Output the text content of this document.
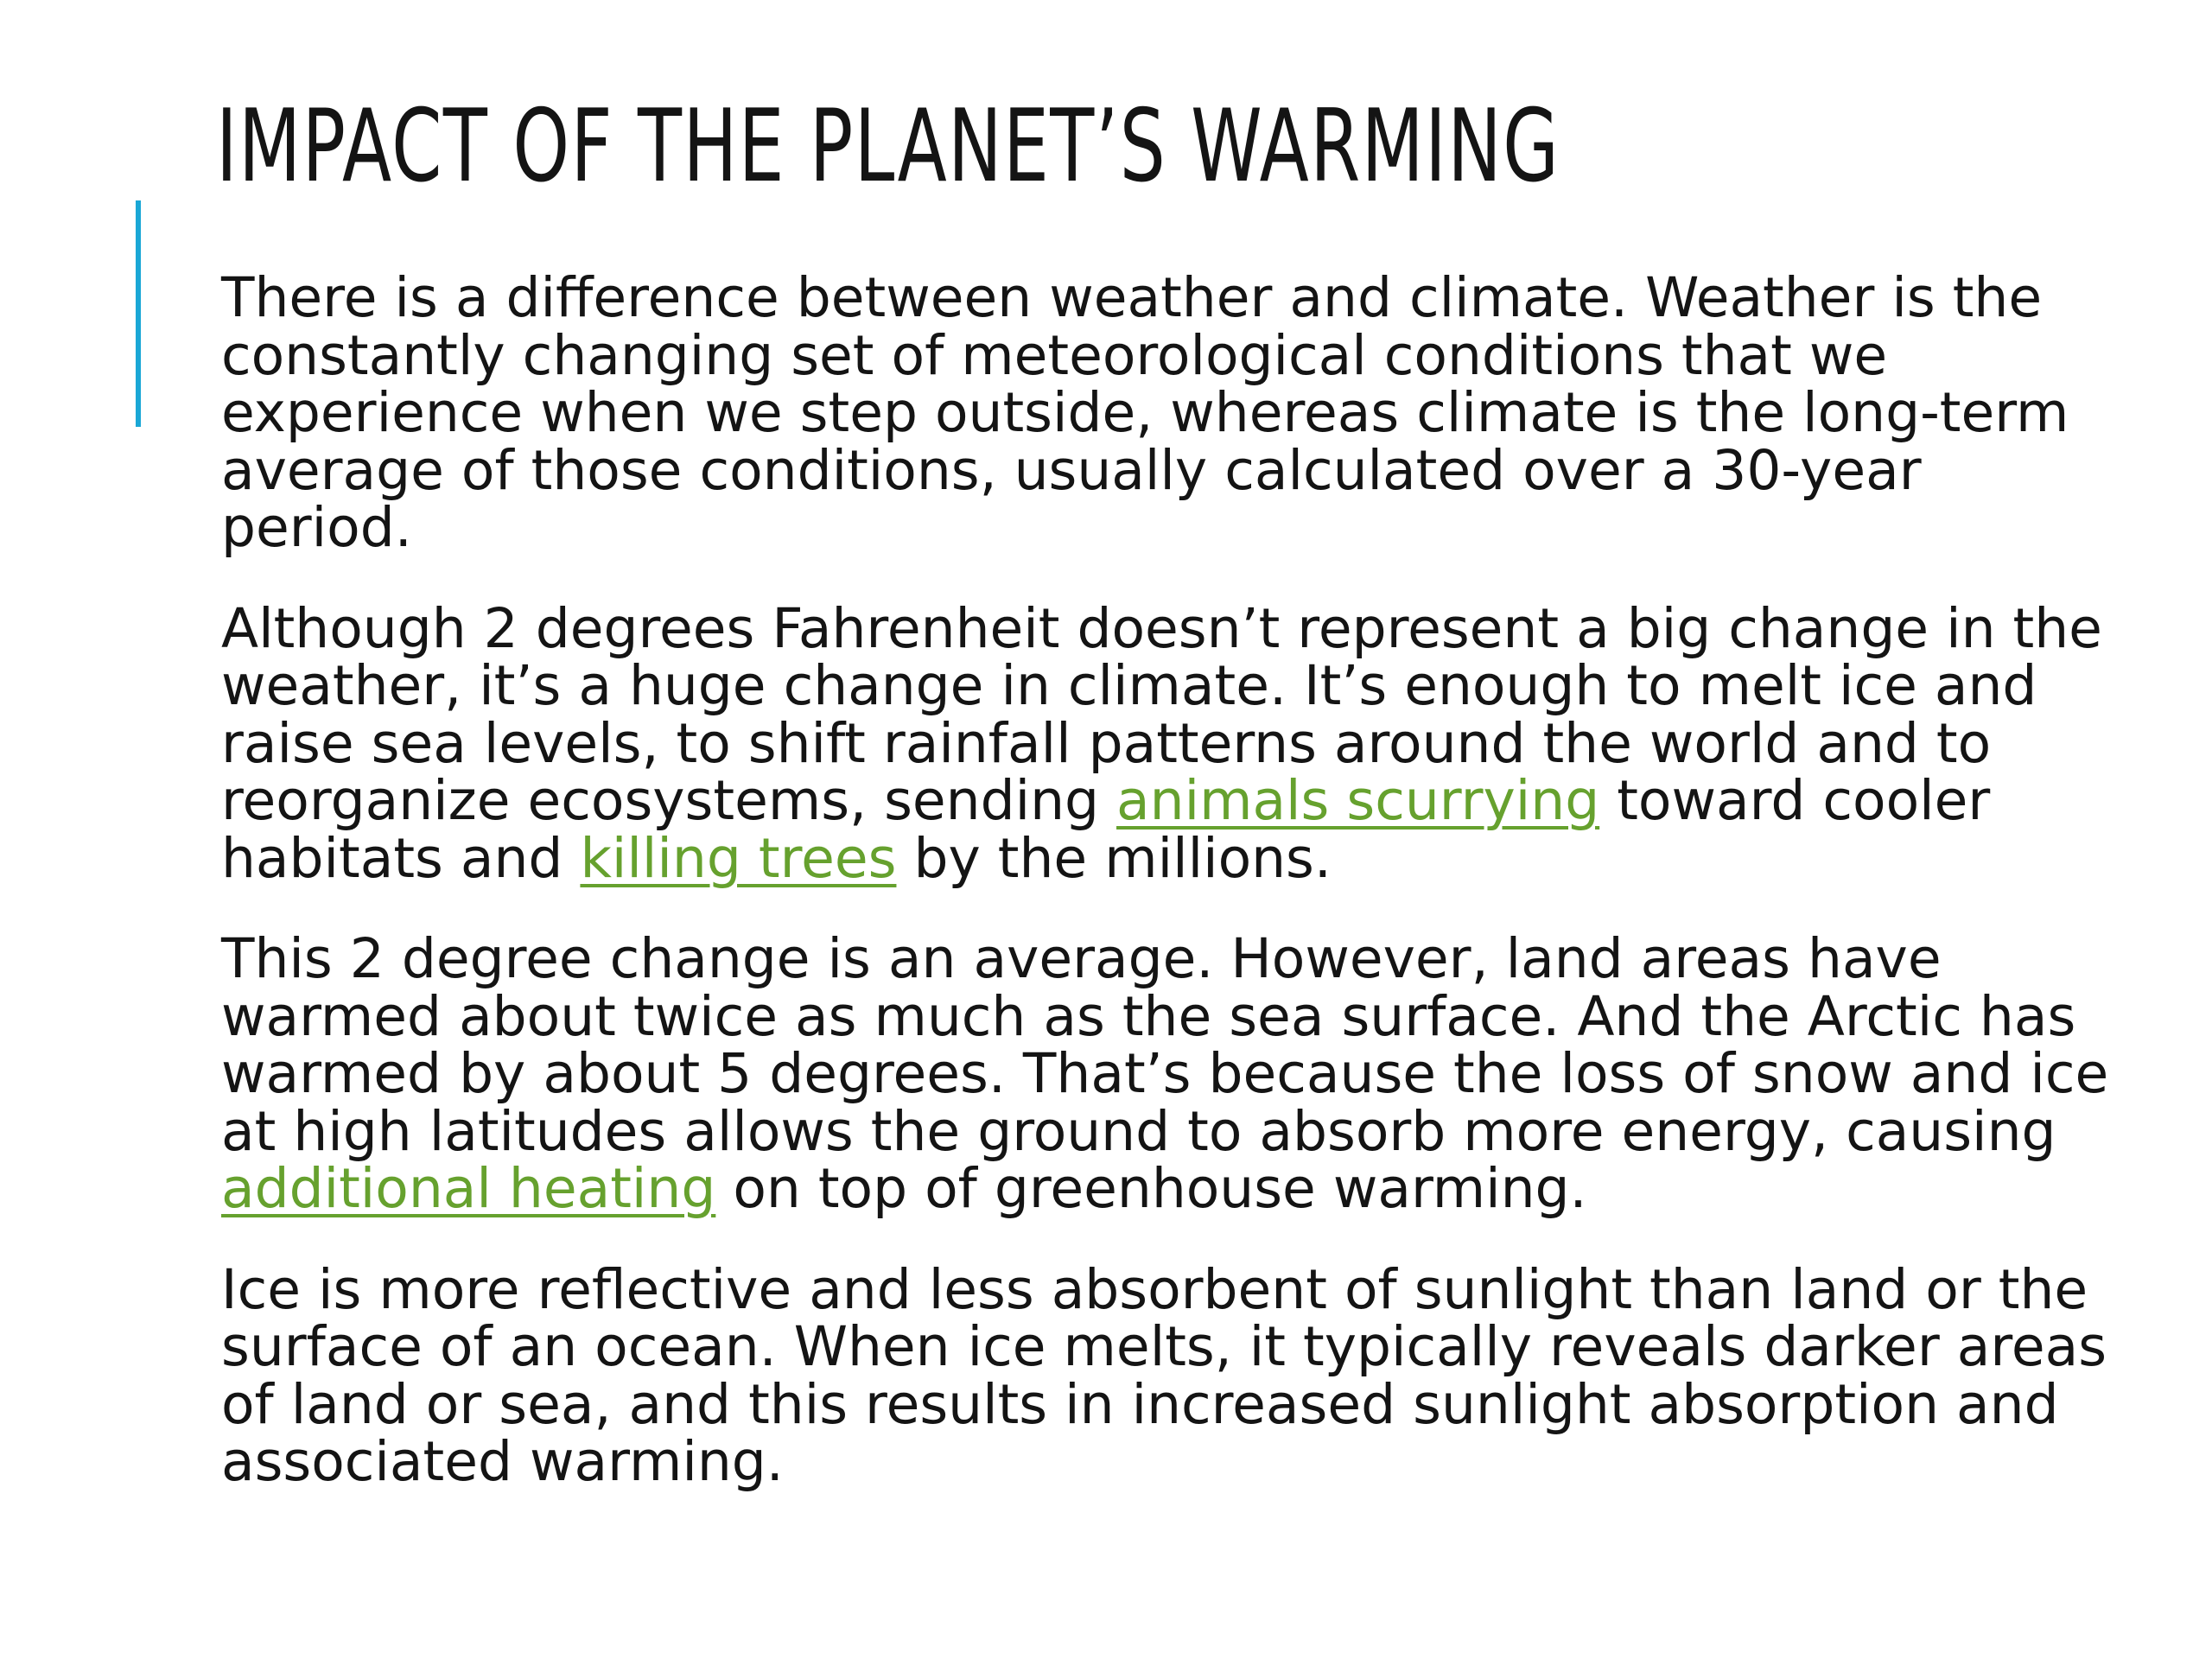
IMPACT OF THE PLANET’S WARMING
There is a difference between weather and climate. Weather is the
constantly changing set of meteorological conditions that we
experience when we step outside, whereas climate is the long-term
average of those conditions, usually calculated over a 30-year
period.
Although 2 degrees Fahrenheit doesn’t represent a big change in the
weather, it’s a huge change in climate. It’s enough to melt ice and
raise sea levels, to shift rainfall patterns around the world and to
reorganize ecosystems, sending animals scurrying toward cooler
habitats and killing trees by the millions.
This 2 degree change is an average. However, land areas have
warmed about twice as much as the sea surface. And the Arctic has
warmed by about 5 degrees. That’s because the loss of snow and ice
at high latitudes allows the ground to absorb more energy, causing
additional heating on top of greenhouse warming.
Ice is more reflective and less absorbent of sunlight than land or the
surface of an ocean. When ice melts, it typically reveals darker areas
of land or sea, and this results in increased sunlight absorption and
associated warming.
